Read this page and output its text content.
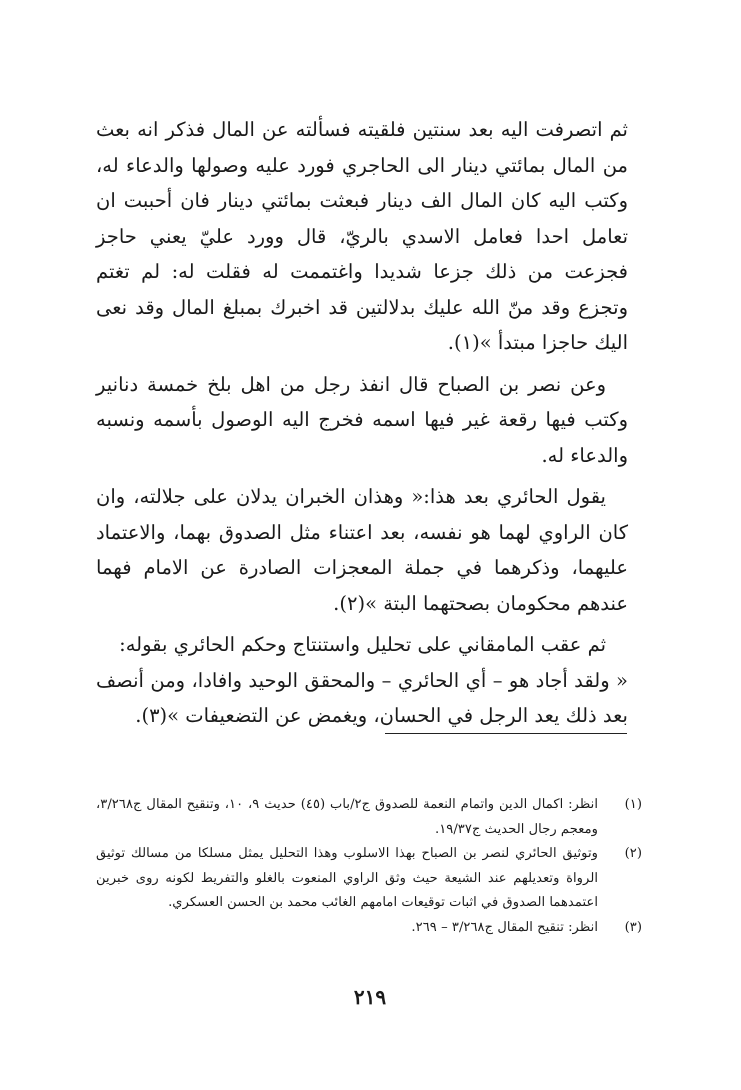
ثم اتصرفت اليه بعد سنتين فلقيته فسألته عن المال فذكر انه بعث من المال بمائتي دينار الى الحاجري فورد عليه وصولها والدعاء له، وكتب اليه كان المال الف دينار فبعثت بمائتي دينار فان أحببت ان تعامل احدا فعامل الاسدي بالريّ، قال وورد عليّ يعني حاجز فجزعت من ذلك جزعا شديدا واغتممت له فقلت له: لم تغتم وتجزع وقد منّ الله عليك بدلالتين قد اخبرك بمبلغ المال وقد نعى اليك حاجزا مبتدأ »(١).

وعن نصر بن الصباح قال انفذ رجل من اهل بلخ خمسة دنانير وكتب فيها رقعة غير فيها اسمه فخرج اليه الوصول بأسمه ونسبه والدعاء له.

يقول الحائري بعد هذا:« وهذان الخبران يدلان على جلالته، وان كان الراوي لهما هو نفسه، بعد اعتناء مثل الصدوق بهما، والاعتماد عليهما، وذكرهما في جملة المعجزات الصادرة عن الامام فهما عندهم محكومان بصحتهما البتة »(٢).

ثم عقب المامقاني على تحليل واستنتاج وحكم الحائري بقوله:

« ولقد أجاد هو – أي الحائري – والمحقق الوحيد وافادا، ومن أنصف بعد ذلك يعد الرجل في الحسان، ويغمض عن التضعيفات »(٣).

(١)
انظر: اكمال الدين واتمام النعمة للصدوق ج٢/باب (٤٥) حديث ٩، ١٠، وتنقيح المقال ج٣/٢٦٨، ومعجم رجال الحديث ج١٩/٣٧.
(٢)
وتوثيق الحائري لنصر بن الصباح بهذا الاسلوب وهذا التحليل يمثل مسلكا من مسالك توثيق الرواة وتعديلهم عند الشيعة حيث وثق الراوي المنعوت بالغلو والتفريط لكونه روى خبرين اعتمدهما الصدوق في اثبات توقيعات امامهم الغائب محمد بن الحسن العسكري.
(٣)
انظر: تنقيح المقال ج٣/٢٦٨ – ٢٦٩.
٢١٩
